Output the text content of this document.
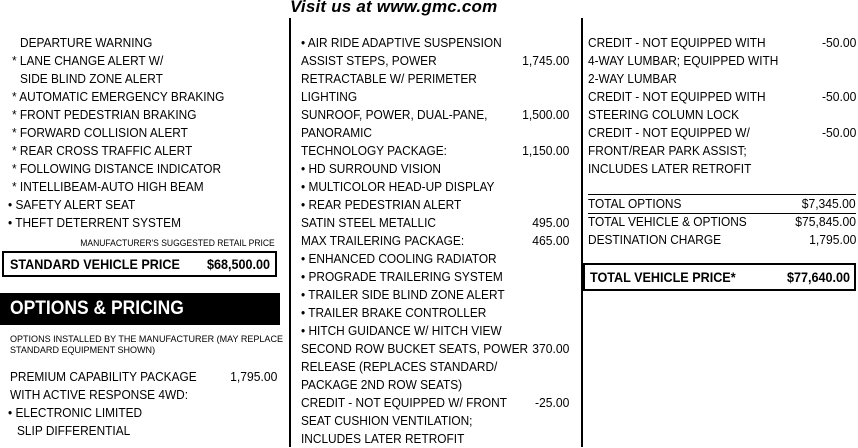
Visit us at www.gmc.com
DEPARTURE WARNING
* LANE CHANGE ALERT W/
SIDE BLIND ZONE ALERT
* AUTOMATIC EMERGENCY BRAKING
* FRONT PEDESTRIAN BRAKING
* FORWARD COLLISION ALERT
* REAR CROSS TRAFFIC ALERT
* FOLLOWING DISTANCE INDICATOR
* INTELLIBEAM-AUTO HIGH BEAM
• SAFETY ALERT SEAT
• THEFT DETERRENT SYSTEM
MANUFACTURER'S SUGGESTED RETAIL PRICE
STANDARD VEHICLE PRICE $68,500.00
OPTIONS & PRICING
OPTIONS INSTALLED BY THE MANUFACTURER (MAY REPLACE
STANDARD EQUIPMENT SHOWN)
PREMIUM CAPABILITY PACKAGE	1,795.00
WITH ACTIVE RESPONSE 4WD:
• ELECTRONIC LIMITED
SLIP DIFFERENTIAL
• AIR RIDE ADAPTIVE SUSPENSION
ASSIST STEPS, POWER	1,745.00
RETRACTABLE W/ PERIMETER
LIGHTING
SUNROOF, POWER, DUAL-PANE,	1,500.00
PANORAMIC
TECHNOLOGY PACKAGE:	1,150.00
• HD SURROUND VISION
• MULTICOLOR HEAD-UP DISPLAY
• REAR PEDESTRIAN ALERT
SATIN STEEL METALLIC	495.00
MAX TRAILERING PACKAGE:	465.00
• ENHANCED COOLING RADIATOR
• PROGRADE TRAILERING SYSTEM
• TRAILER SIDE BLIND ZONE ALERT
• TRAILER BRAKE CONTROLLER
• HITCH GUIDANCE W/ HITCH VIEW
SECOND ROW BUCKET SEATS, POWER 370.00
RELEASE (REPLACES STANDARD/
PACKAGE 2ND ROW SEATS)
CREDIT - NOT EQUIPPED W/ FRONT	-25.00
SEAT CUSHION VENTILATION;
INCLUDES LATER RETROFIT
CREDIT - NOT EQUIPPED WITH	-50.00
4-WAY LUMBAR; EQUIPPED WITH
2-WAY LUMBAR
CREDIT - NOT EQUIPPED WITH	-50.00
STEERING COLUMN LOCK
CREDIT - NOT EQUIPPED W/	-50.00
FRONT/REAR PARK ASSIST;
INCLUDES LATER RETROFIT
TOTAL OPTIONS	$7,345.00
TOTAL VEHICLE & OPTIONS	$75,845.00
DESTINATION CHARGE	1,795.00
TOTAL VEHICLE PRICE*	$77,640.00
